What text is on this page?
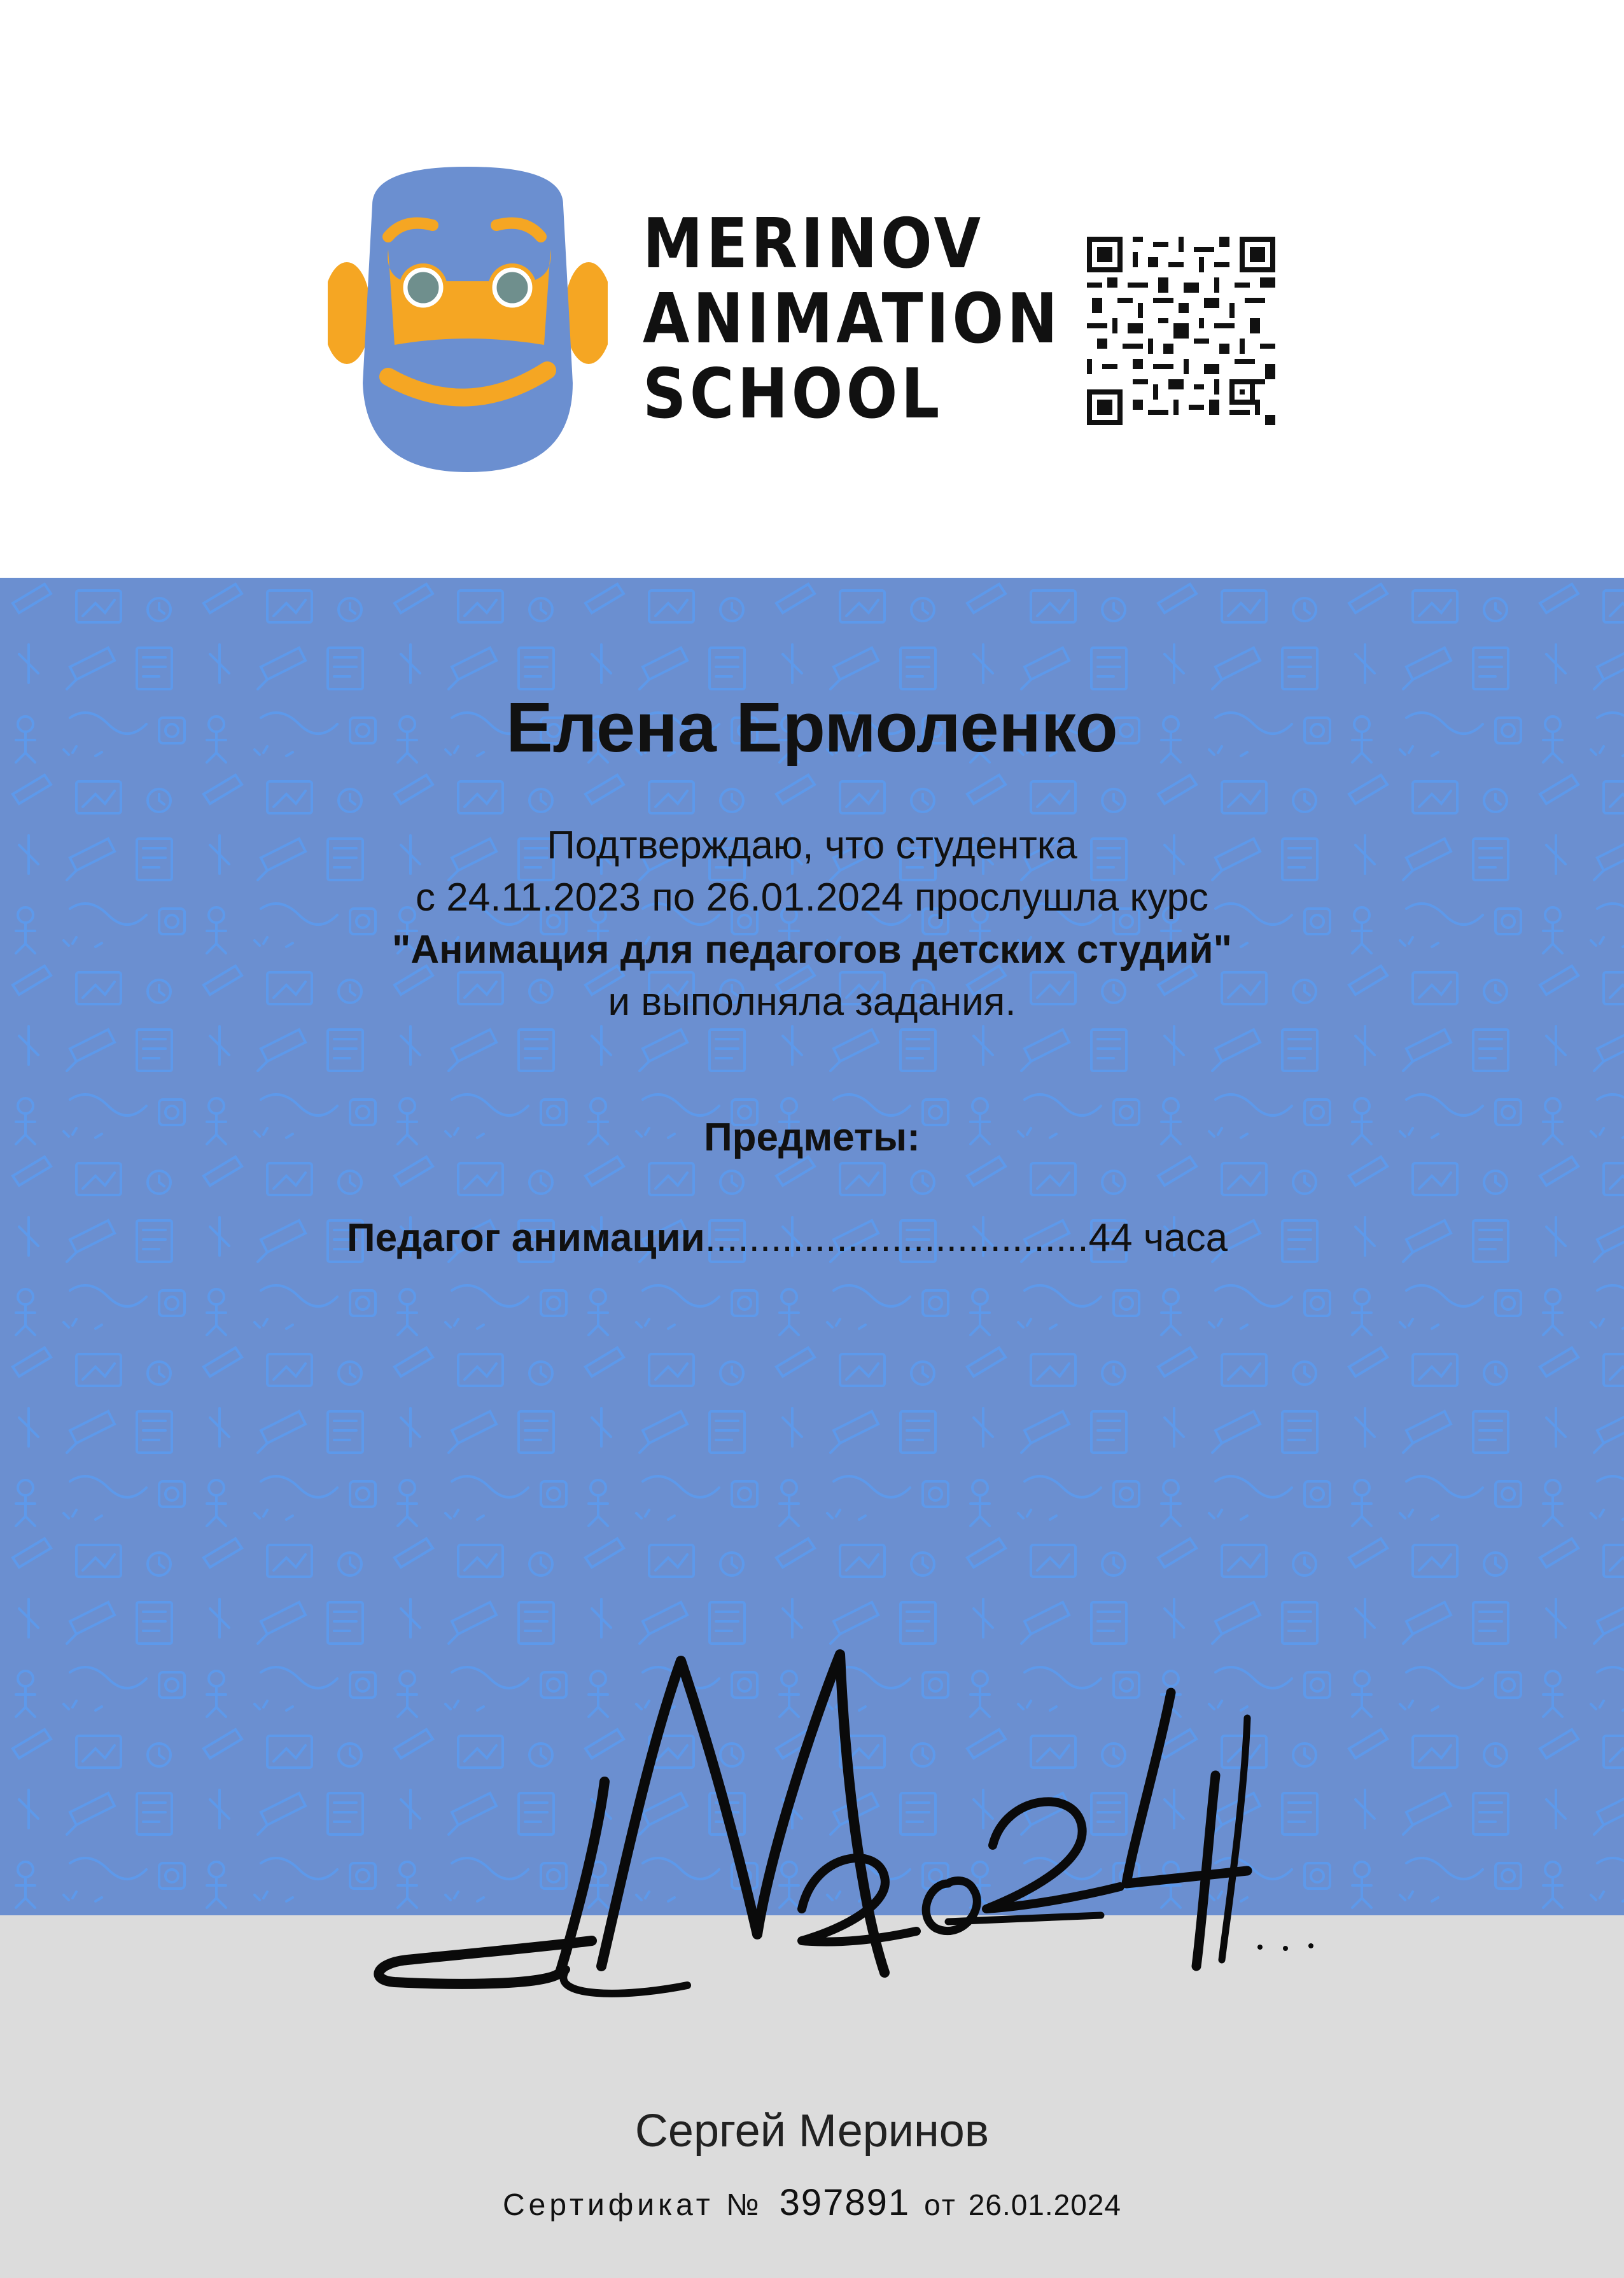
MERINOV
ANIMATION
SCHOOL
Елена Ермоленко
Подтверждаю, что студентка
с 24.11.2023 по 26.01.2024 прослушла курс
"Анимация для педагогов детских студий"
и выполняла задания.
Предметы:
Педагог анимации...................................44 часа
Сергей Меринов
Сертификат № 397891 от 26.01.2024
